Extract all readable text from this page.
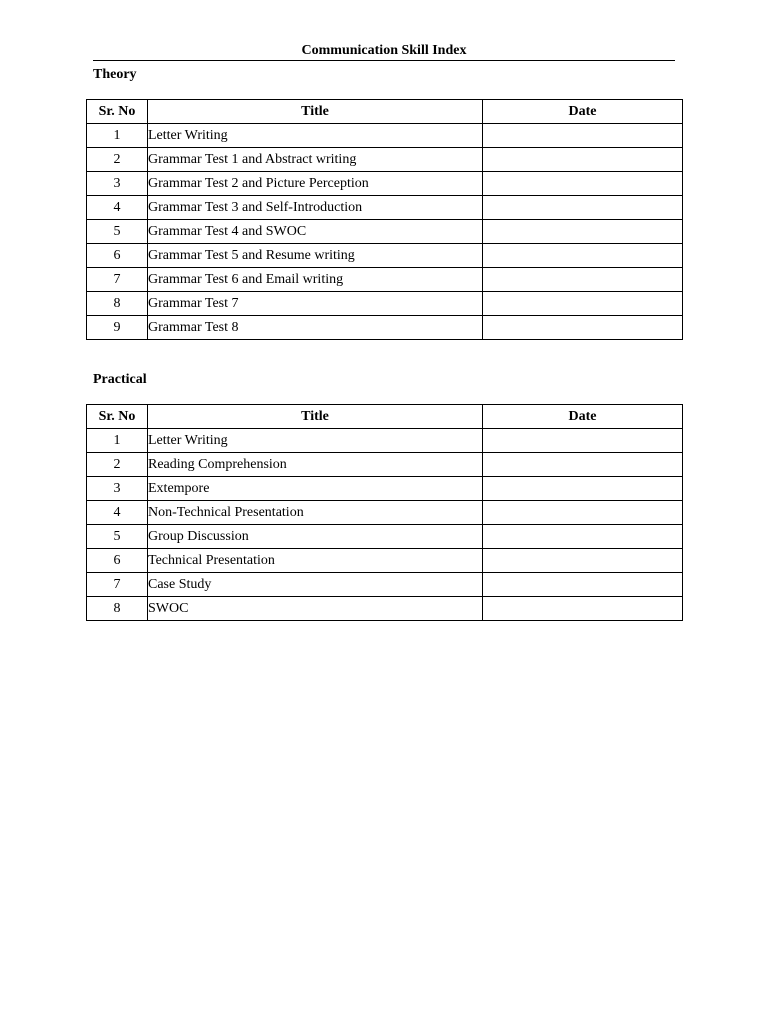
Communication Skill Index
Theory
Sr. No	Title	Date
1	Letter Writing	
2	Grammar Test 1 and Abstract writing	
3	Grammar Test 2 and Picture Perception	
4	Grammar Test 3 and Self-Introduction	
5	Grammar Test 4 and SWOC	
6	Grammar Test 5 and Resume writing	
7	Grammar Test 6 and Email writing	
8	Grammar Test 7	
9	Grammar Test 8	
Practical
Sr. No	Title	Date
1	Letter Writing	
2	Reading Comprehension	
3	Extempore	
4	Non-Technical Presentation	
5	Group Discussion	
6	Technical Presentation	
7	Case Study	
8	SWOC	
